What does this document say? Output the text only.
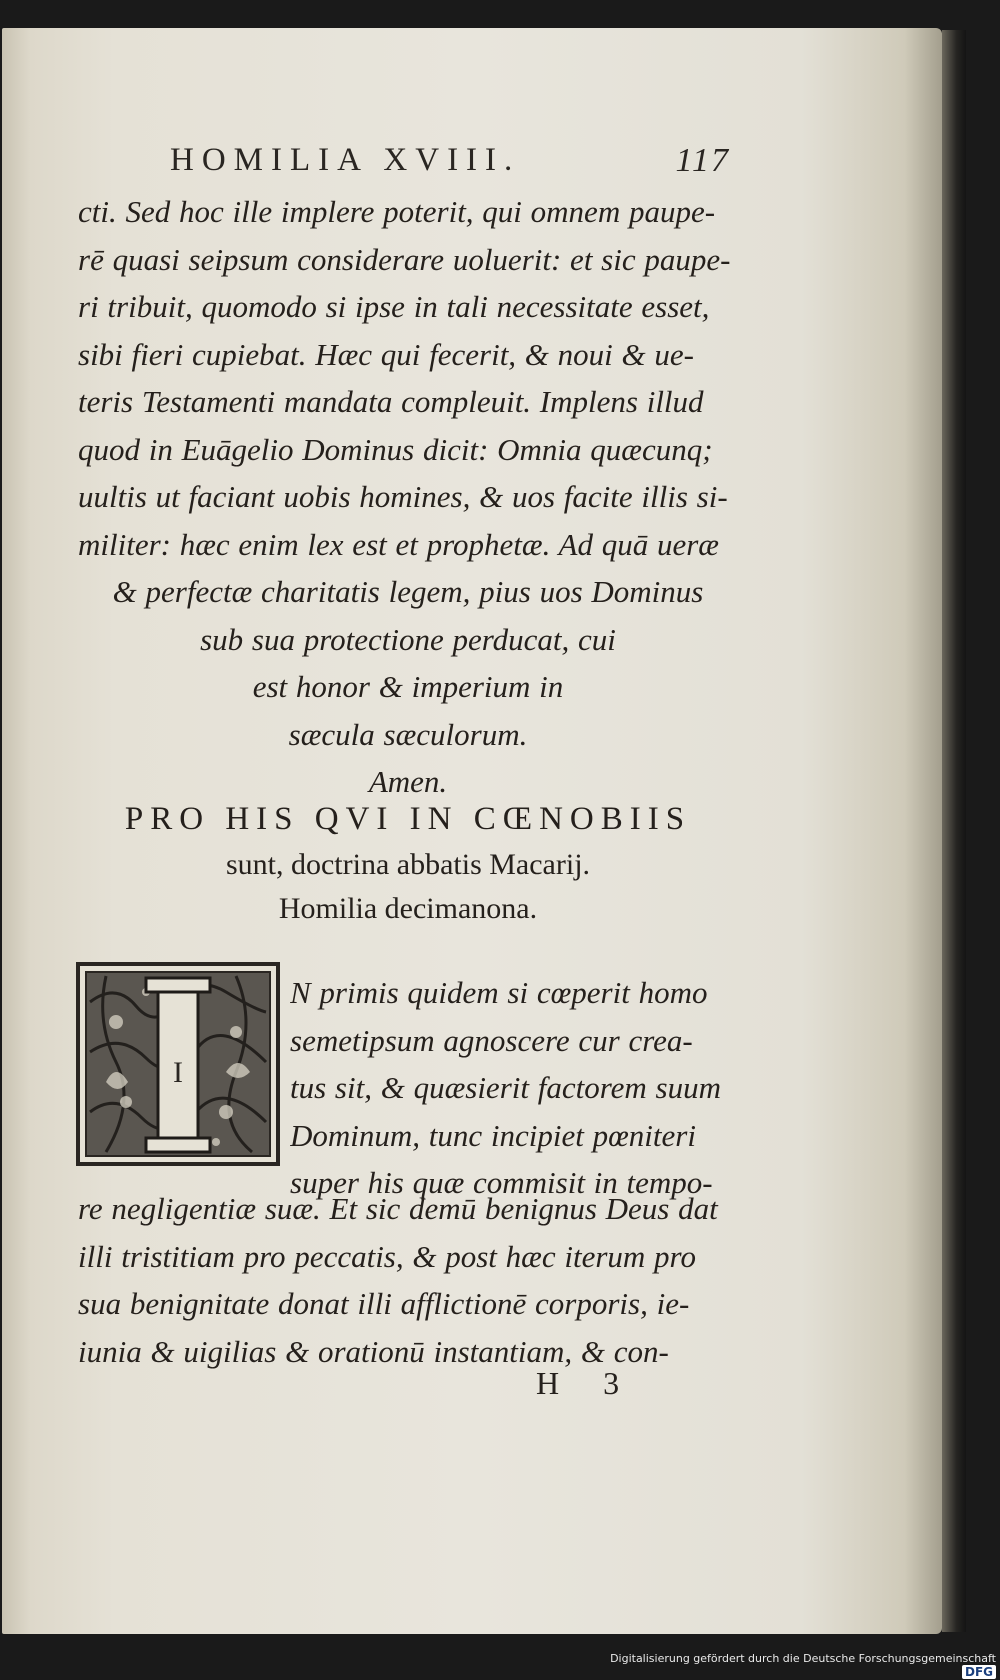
HOMILIA XVIII.	117
cti. Sed hoc ille implere poterit, qui omnem paupe-
rē quasi seipsum considerare uoluerit: et sic paupe-
ri tribuit, quomodo si ipse in tali necessitate esset,
sibi fieri cupiebat. Hæc qui fecerit, & noui & ue-
teris Testamenti mandata compleuit. Implens illud
quod in Euāgelio Dominus dicit: Omnia quæcunq;
uultis ut faciant uobis homines, & uos facite illis si-
militer: hæc enim lex est et prophetæ. Ad quā ueræ
& perfectæ charitatis legem, pius uos Dominus
sub sua protectione perducat, cui
est honor & imperium in
sæcula sæculorum.
Amen.
PRO HIS QVI IN CŒNOBIIS
sunt, doctrina abbatis Macarij.
Homilia decimanona.
I
N primis quidem si cœperit homo
semetipsum agnoscere cur crea-
tus sit, & quæsierit factorem suum
Dominum, tunc incipiet pœniteri
super his quæ commisit in tempo-
re negligentiæ suæ. Et sic demū benignus Deus dat
illi tristitiam pro peccatis, & post hæc iterum pro
sua benignitate donat illi afflictionē corporis, ie-
iunia & uigilias & orationū instantiam, & con-
H 3
Digitalisierung gefördert durch die Deutsche Forschungsgemeinschaft DFG
